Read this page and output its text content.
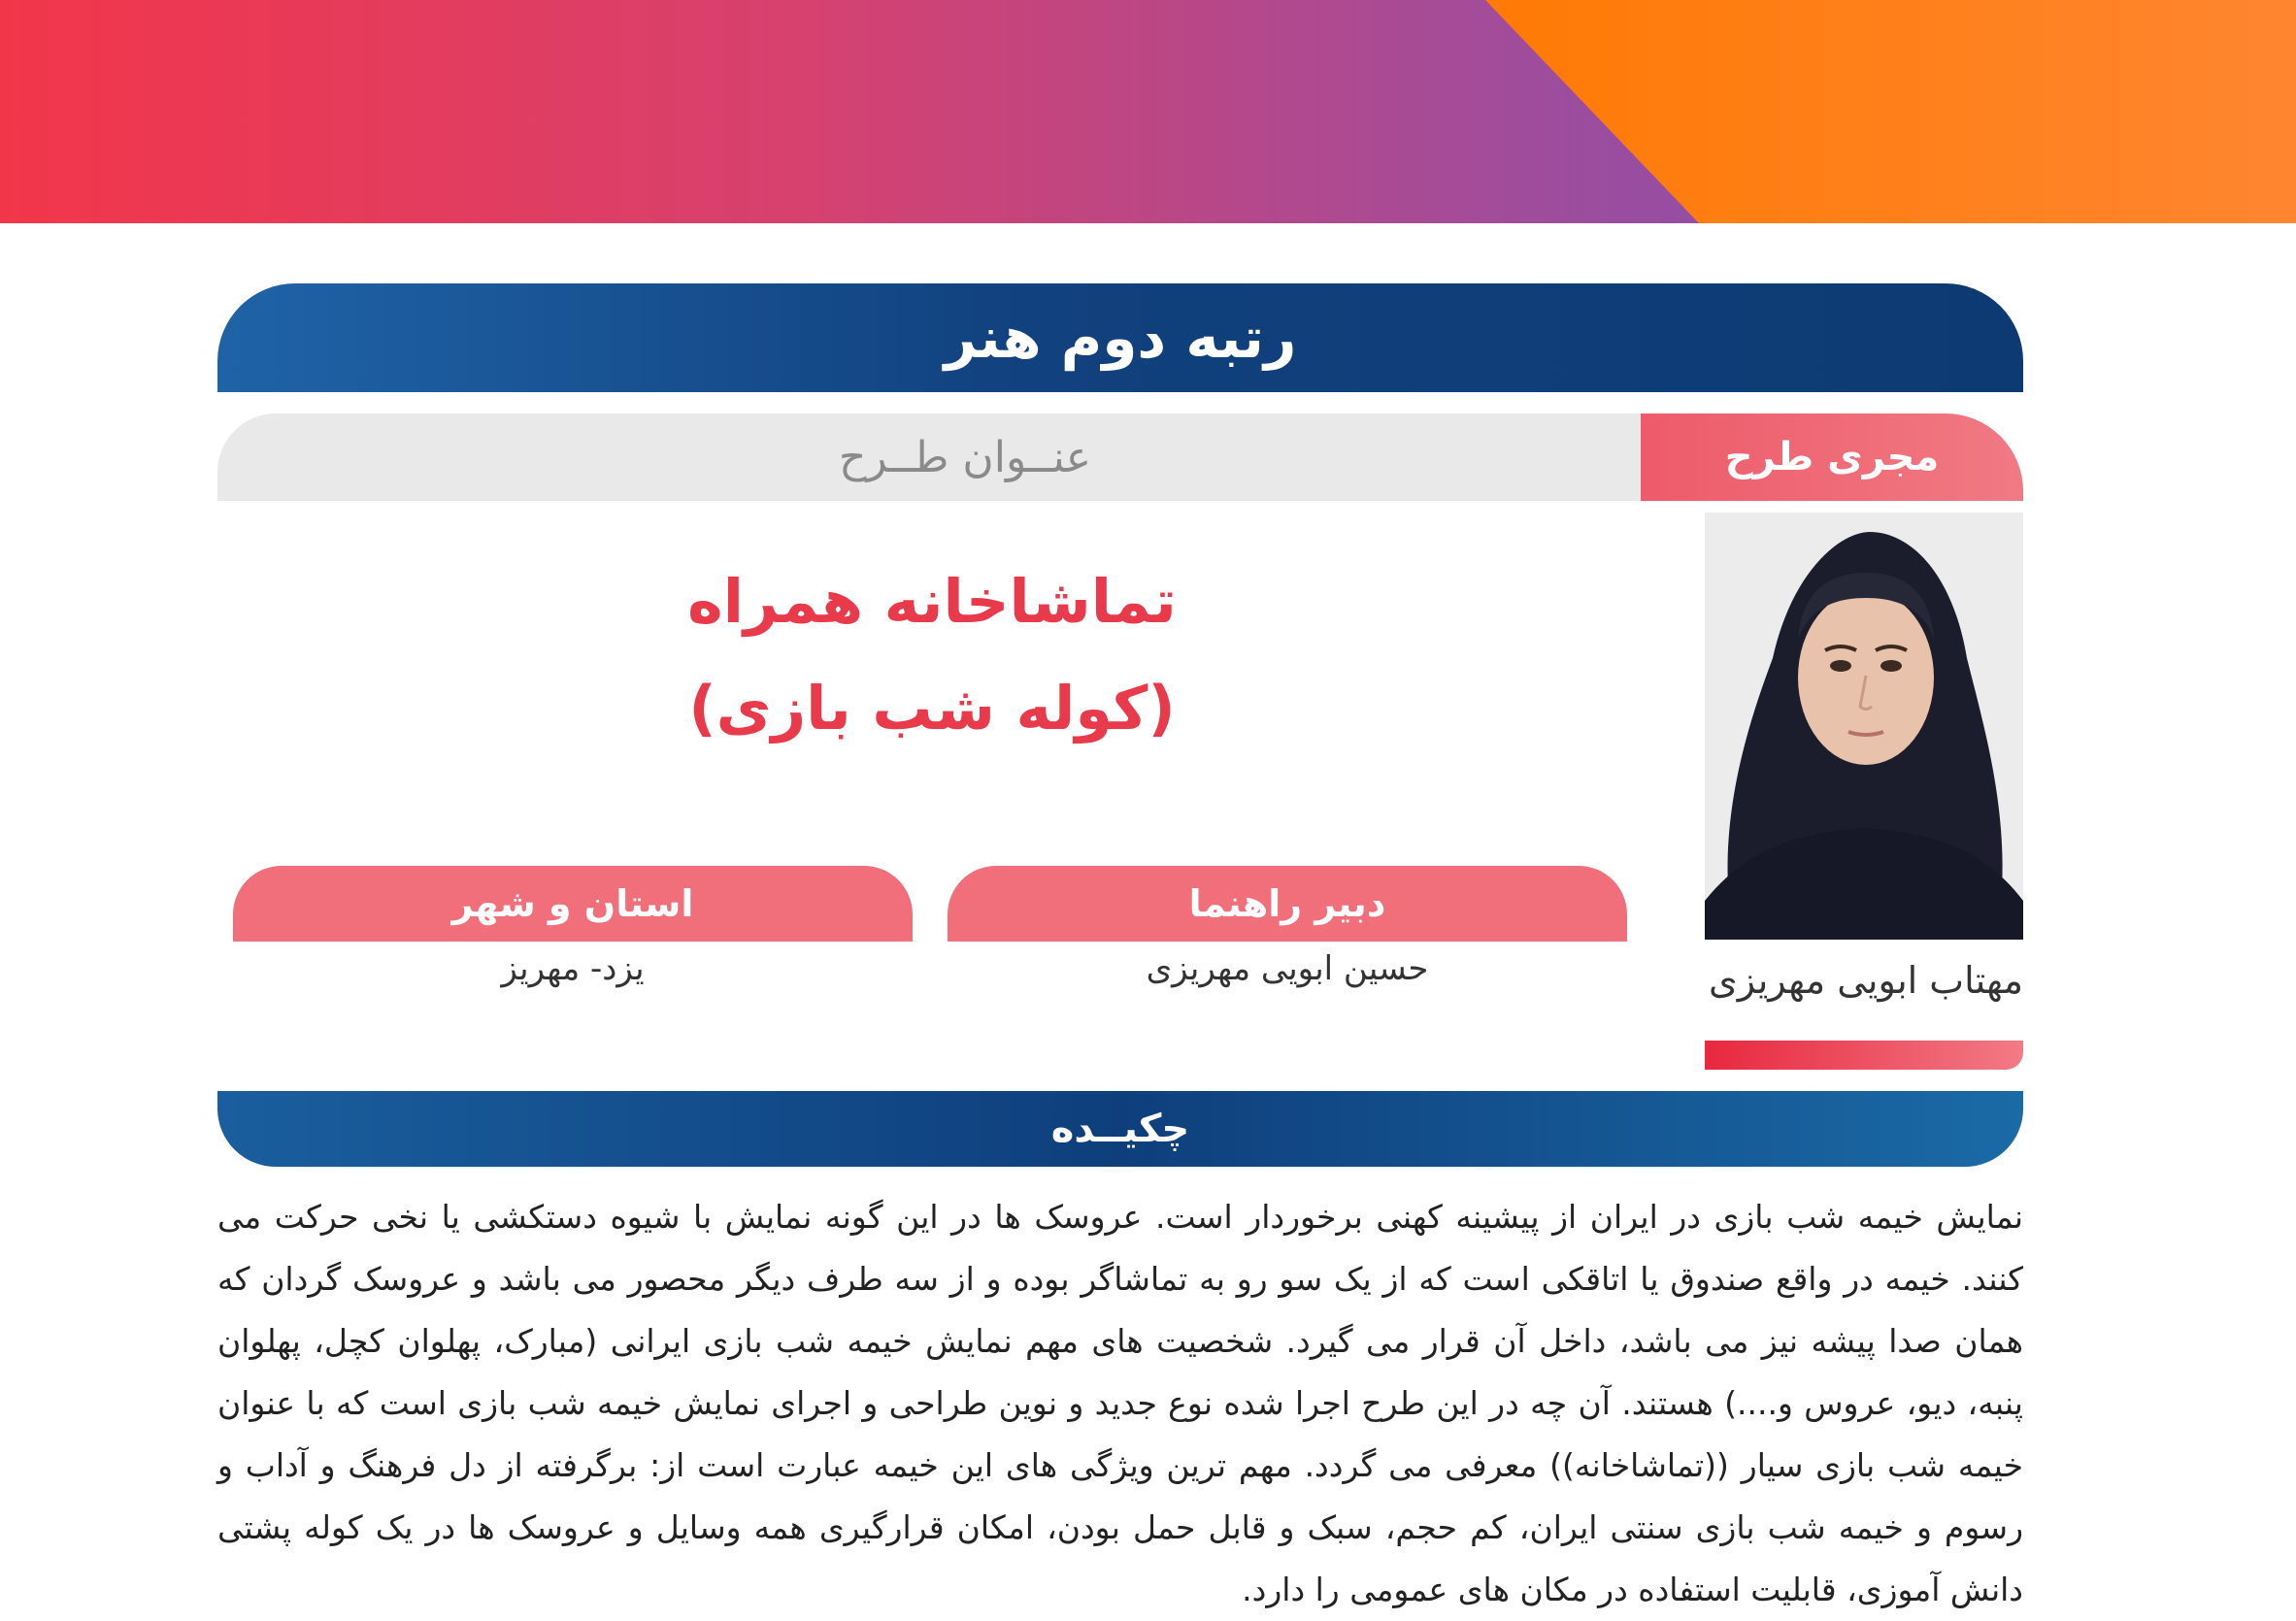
رتبه دوم هنر
مجری طرح
عنــوان طــرح
تماشاخانه همراه
(کوله شب بازی)
مهتاب ابویی مهریزی
دبیر راهنما
استان و شهر
حسین ابویی مهریزی
یزد- مهریز
چکیــده
نمایش خیمه شب بازی در ایران از پیشینه کهنی برخوردار است. عروسک ها در این گونه نمایش با شیوه دستکشی یا نخی حرکت می کنند. خیمه در واقع صندوق یا اتاقکی است که از یک سو رو به تماشاگر بوده و از سه طرف دیگر محصور می باشد و عروسک گردان که همان صدا پیشه نیز می باشد، داخل آن قرار می گیرد. شخصیت های مهم نمایش خیمه شب بازی ایرانی (مبارک، پهلوان کچل، پهلوان پنبه، دیو، عروس و....) هستند. آن چه در این طرح اجرا شده نوع جدید و نوین طراحی و اجرای نمایش خیمه شب بازی است که با عنوان خیمه شب بازی سیار ((تماشاخانه)) معرفی می گردد. مهم ترین ویژگی های این خیمه عبارت است از: برگرفته از دل فرهنگ و آداب و رسوم و خیمه شب بازی سنتی ایران، کم حجم، سبک و قابل حمل بودن، امکان قرارگیری همه وسایل و عروسک ها در یک کوله پشتی دانش آموزی، قابلیت استفاده در مکان های عمومی را دارد.
